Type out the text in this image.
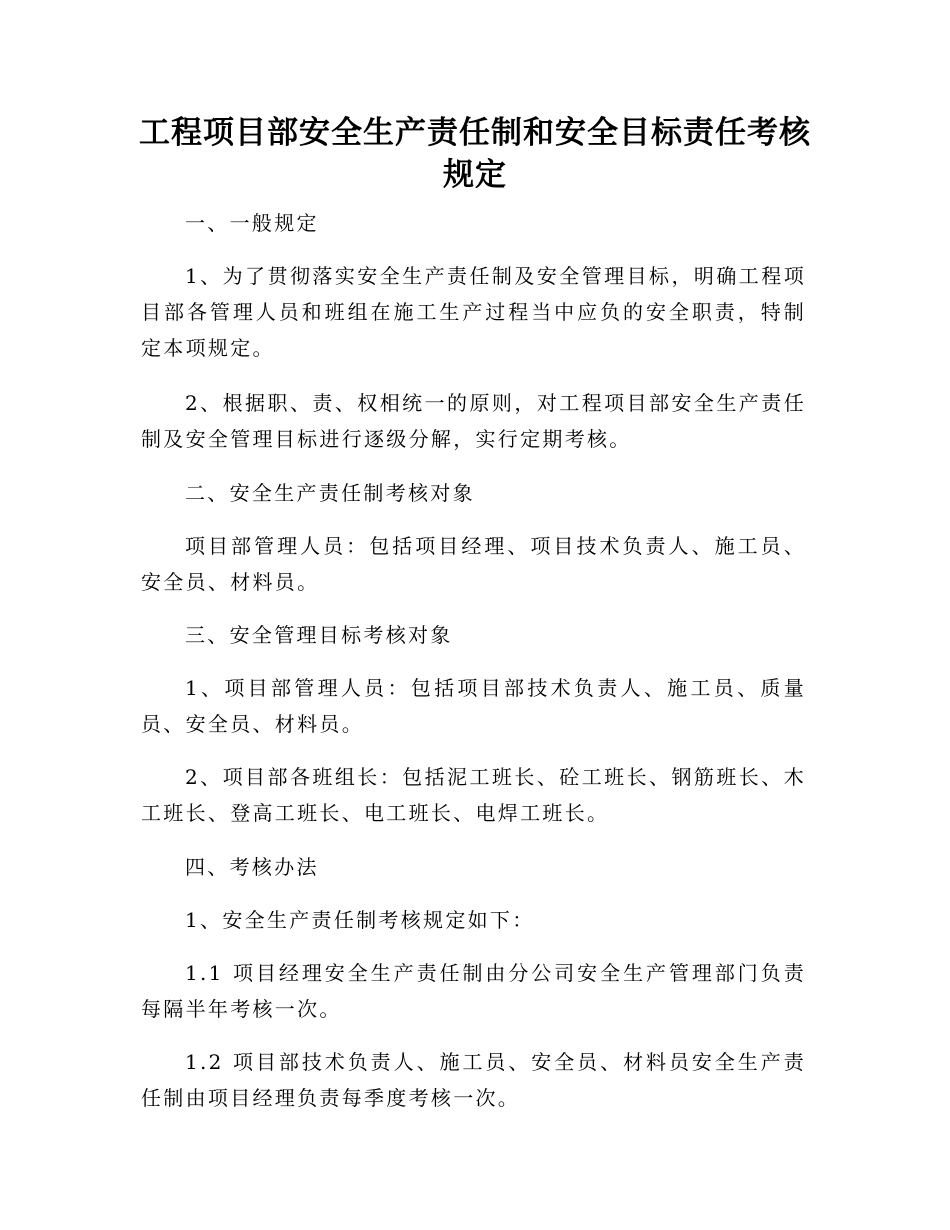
工程项目部安全生产责任制和安全目标责任考核
规定

一、一般规定

1、为了贯彻落实安全生产责任制及安全管理目标，明确工程项目部各管理人员和班组在施工生产过程当中应负的安全职责，特制定本项规定。

2、根据职、责、权相统一的原则，对工程项目部安全生产责任制及安全管理目标进行逐级分解，实行定期考核。

二、安全生产责任制考核对象

项目部管理人员：包括项目经理、项目技术负责人、施工员、安全员、材料员。

三、安全管理目标考核对象

1、项目部管理人员：包括项目部技术负责人、施工员、质量员、安全员、材料员。

2、项目部各班组长：包括泥工班长、砼工班长、钢筋班长、木工班长、登高工班长、电工班长、电焊工班长。

四、考核办法

1、安全生产责任制考核规定如下：

1.1 项目经理安全生产责任制由分公司安全生产管理部门负责每隔半年考核一次。

1.2 项目部技术负责人、施工员、安全员、材料员安全生产责任制由项目经理负责每季度考核一次。
